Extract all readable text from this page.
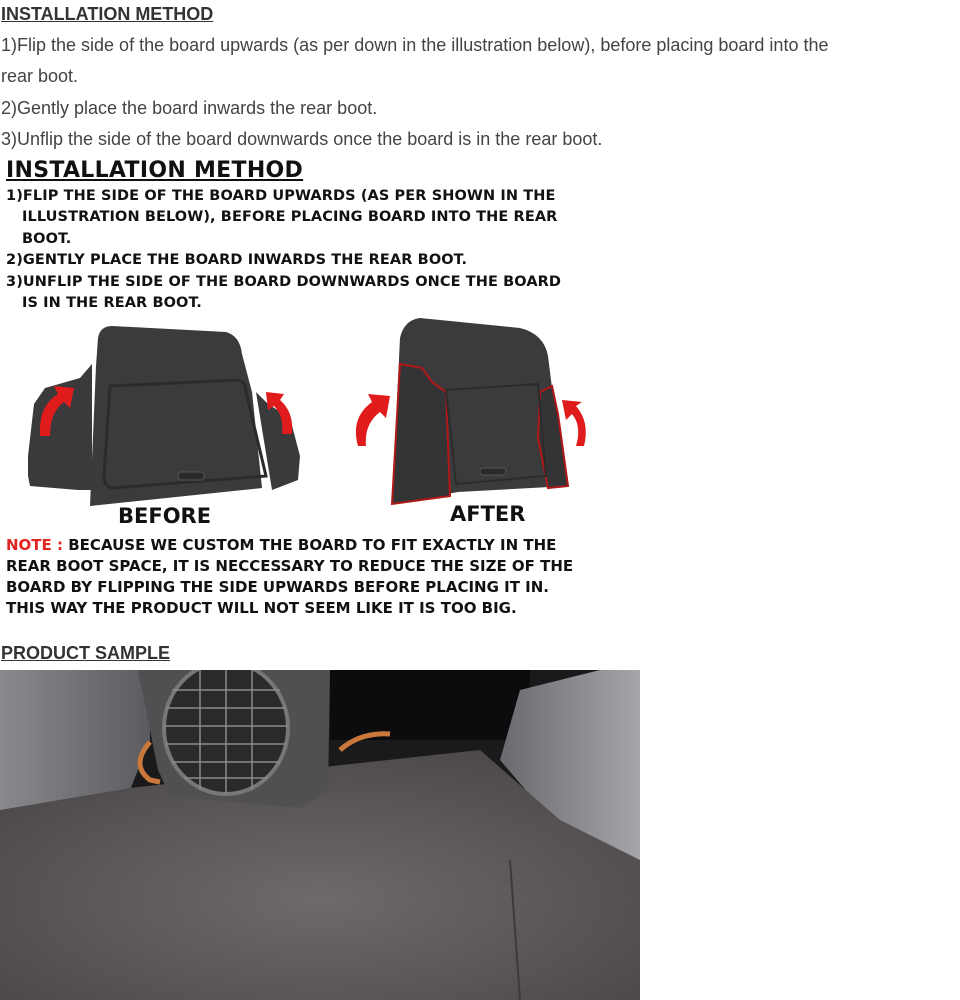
INSTALLATION METHOD

1)Flip the side of the board upwards (as per down in the illustration below), before placing board into the

rear boot.

2)Gently place the board inwards the rear boot.

3)Unflip the side of the board downwards once the board is in the rear boot.

INSTALLATION METHOD
1)FLIP THE SIDE OF THE BOARD UPWARDS (AS PER SHOWN IN THE
ILLUSTRATION BELOW), BEFORE PLACING BOARD INTO THE REAR
BOOT.
2)GENTLY PLACE THE BOARD INWARDS THE REAR BOOT.
3)UNFLIP THE SIDE OF THE BOARD DOWNWARDS ONCE THE BOARD
IS IN THE REAR BOOT.
BEFORE	AFTER
NOTE : BECAUSE WE CUSTOM THE BOARD TO FIT EXACTLY IN THE
REAR BOOT SPACE, IT IS NECCESSARY TO REDUCE THE SIZE OF THE
BOARD BY FLIPPING THE SIDE UPWARDS BEFORE PLACING IT IN.
THIS WAY THE PRODUCT WILL NOT SEEM LIKE IT IS TOO BIG.
PRODUCT SAMPLE
